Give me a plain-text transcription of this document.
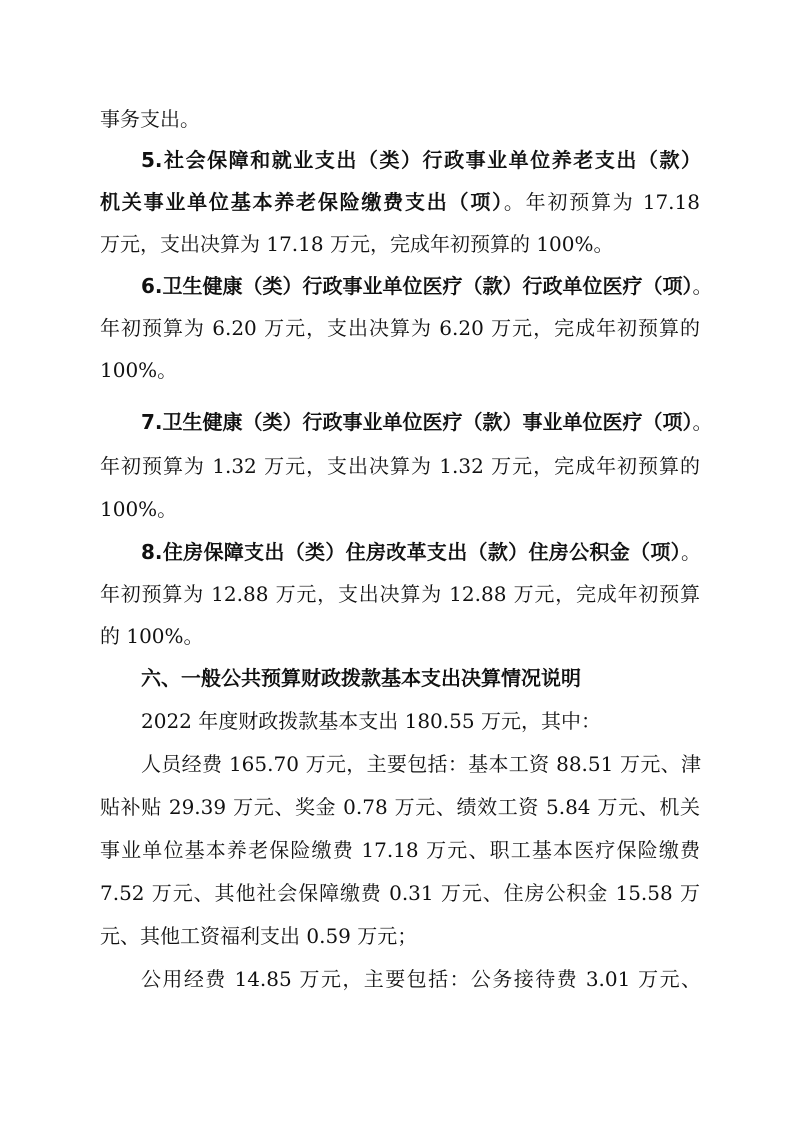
事务支出。
5.社会保障和就业支出（类）行政事业单位养老支出（款）
机关事业单位基本养老保险缴费支出（项）。年初预算为 17.18
万元，支出决算为 17.18 万元，完成年初预算的 100%。
6.卫生健康（类）行政事业单位医疗（款）行政单位医疗（项）。
年初预算为 6.20 万元，支出决算为 6.20 万元，完成年初预算的
100%。
7.卫生健康（类）行政事业单位医疗（款）事业单位医疗（项）。
年初预算为 1.32 万元，支出决算为 1.32 万元，完成年初预算的
100%。
8.住房保障支出（类）住房改革支出（款）住房公积金（项）。
年初预算为 12.88 万元，支出决算为 12.88 万元，完成年初预算
的 100%。
六、一般公共预算财政拨款基本支出决算情况说明
2022 年度财政拨款基本支出 180.55 万元，其中：
人员经费 165.70 万元，主要包括：基本工资 88.51 万元、津
贴补贴 29.39 万元、奖金 0.78 万元、绩效工资 5.84 万元、机关
事业单位基本养老保险缴费 17.18 万元、职工基本医疗保险缴费
7.52 万元、其他社会保障缴费 0.31 万元、住房公积金 15.58 万
元、其他工资福利支出 0.59 万元；
公用经费 14.85 万元，主要包括：公务接待费 3.01 万元、
